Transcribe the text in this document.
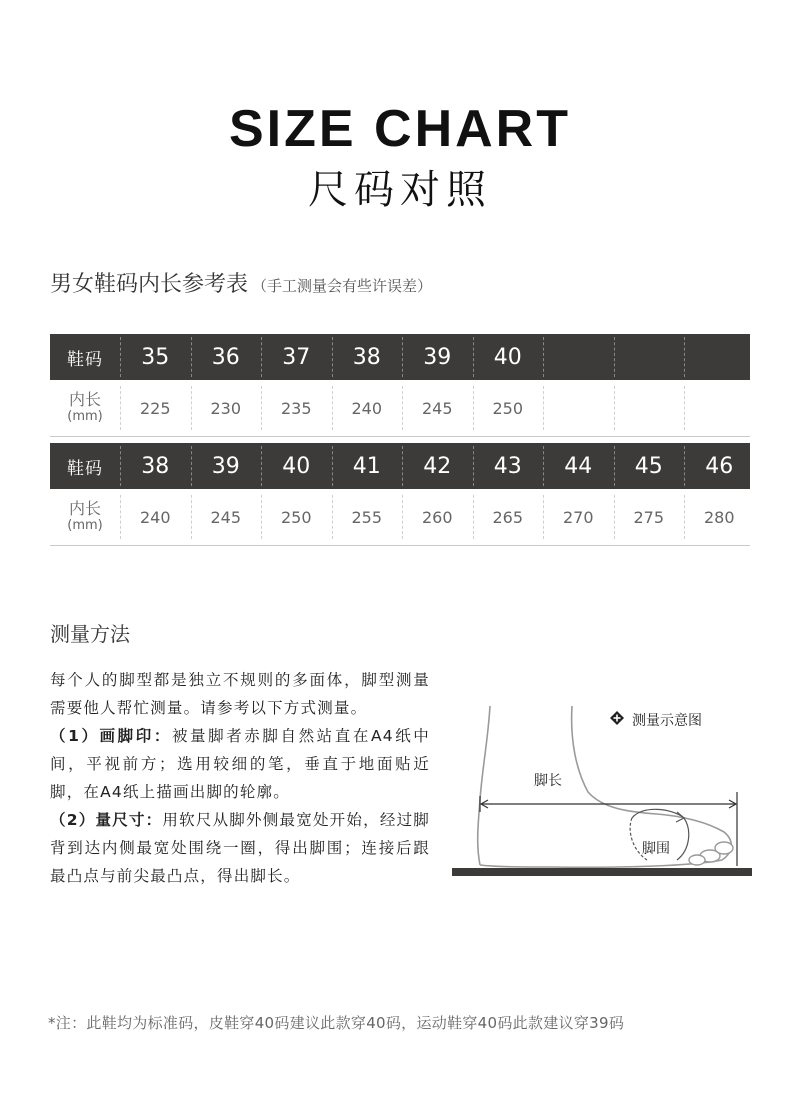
SIZE CHART
尺码对照
男女鞋码内长参考表 （手工测量会有些许误差）
鞋码	35	36	37	38	39	40
内长
(mm)	225	230	235	240	245	250
鞋码	38	39	40	41	42	43	44	45	46
内长
(mm)	240	245	250	255	260	265	270	275	280
测量方法

每个人的脚型都是独立不规则的多面体，脚型测量需要他人帮忙测量。请参考以下方式测量。

（1）画脚印：被量脚者赤脚自然站直在A4纸中间，平视前方；选用较细的笔，垂直于地面贴近脚，在A4纸上描画出脚的轮廓。

（2）量尺寸：用软尺从脚外侧最宽处开始，经过脚背到达内侧最宽处围绕一圈，得出脚围；连接后跟最凸点与前尖最凸点，得出脚长。

测量示意图
脚长
脚围
*注：此鞋均为标准码，皮鞋穿40码建议此款穿40码，运动鞋穿40码此款建议穿39码
